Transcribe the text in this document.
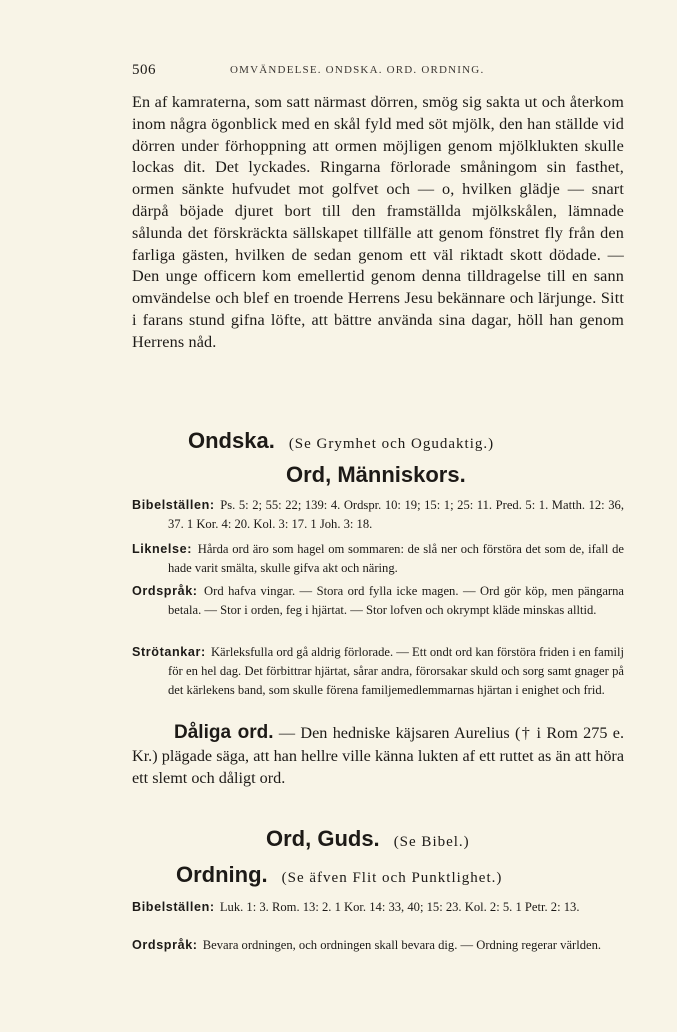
506	OMVÄNDELSE. ONDSKA. ORD. ORDNING.
En af kamraterna, som satt närmast dörren, smög sig sakta ut och återkom inom några ögonblick med en skål fyld med söt mjölk, den han ställde vid dörren under förhoppning att ormen möjligen genom mjölklukten skulle lockas dit. Det lyckades. Ringarna förlorade småningom sin fasthet, ormen sänkte hufvudet mot golfvet och — o, hvilken glädje — snart därpå böjade djuret bort till den framställda mjölkskålen, lämnade sålunda det förskräckta sällskapet tillfälle att genom fönstret fly från den farliga gästen, hvilken de sedan genom ett väl riktadt skott dödade. — Den unge officern kom emellertid genom denna tilldragelse till en sann omvändelse och blef en troende Herrens Jesu bekännare och lärjunge. Sitt i farans stund gifna löfte, att bättre använda sina dagar, höll han genom Herrens nåd.
Ondska. (Se Grymhet och Ogudaktig.)
Ord, Människors.
Bibelställen: Ps. 5: 2; 55: 22; 139: 4. Ordspr. 10: 19; 15: 1; 25: 11. Pred. 5: 1. Matth. 12: 36, 37. 1 Kor. 4: 20. Kol. 3: 17. 1 Joh. 3: 18.
Liknelse: Hårda ord äro som hagel om sommaren: de slå ner och förstöra det som de, ifall de hade varit smälta, skulle gifva akt och näring.
Ordspråk: Ord hafva vingar. — Stora ord fylla icke magen. — Ord gör köp, men pängarna betala. — Stor i orden, feg i hjärtat. — Stor lofven och okrympt kläde minskas alltid.
Strötankar: Kärleksfulla ord gå aldrig förlorade. — Ett ondt ord kan förstöra friden i en familj för en hel dag. Det förbittrar hjärtat, sårar andra, förorsakar skuld och sorg samt gnager på det kärlekens band, som skulle förena familjemedlemmarnas hjärtan i enighet och frid.
Dåliga ord. — Den hedniske käjsaren Aurelius († i Rom 275 e. Kr.) plägade säga, att han hellre ville känna lukten af ett ruttet as än att höra ett slemt och dåligt ord.
Ord, Guds. (Se Bibel.)
Ordning. (Se äfven Flit och Punktlighet.)
Bibelställen: Luk. 1: 3. Rom. 13: 2. 1 Kor. 14: 33, 40; 15: 23. Kol. 2: 5. 1 Petr. 2: 13.
Ordspråk: Bevara ordningen, och ordningen skall bevara dig. — Ordning regerar världen.
